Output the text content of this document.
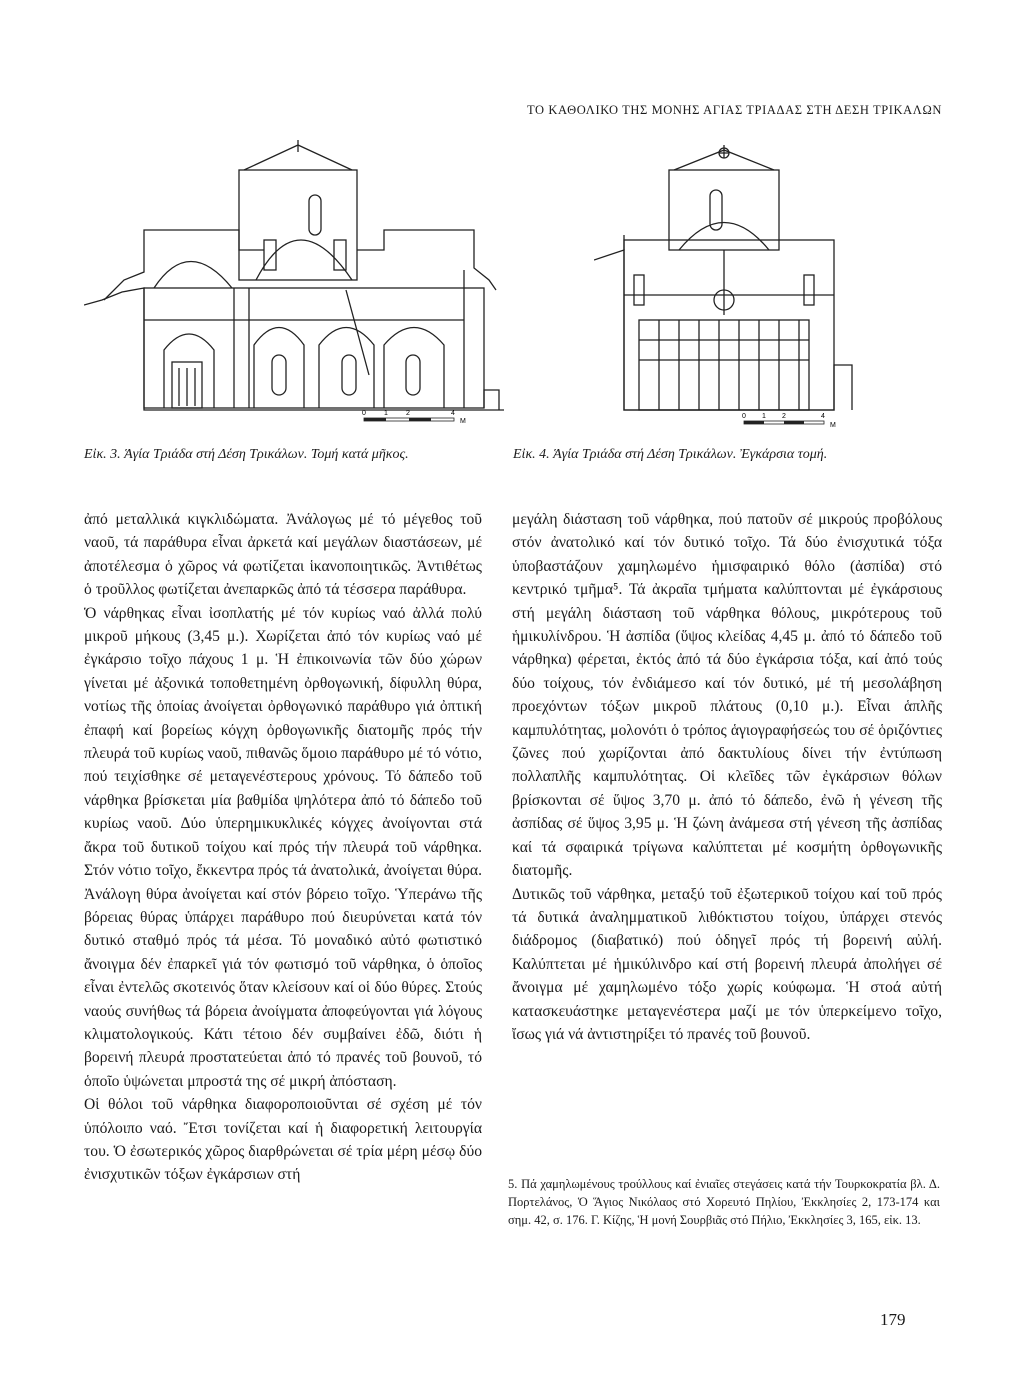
ΤΟ ΚΑΘΟΛΙΚΟ ΤΗΣ ΜΟΝΗΣ ΑΓΙΑΣ ΤΡΙΑΔΑΣ ΣΤΗ ΔΕΣΗ ΤΡΙΚΑΛΩΝ
0	1	2	4
M
Εἰκ. 3. Ἁγία Τριάδα στή Δέση Τρικάλων. Τομή κατά μῆκος.
0 1 2	4
M
Εἰκ. 4. Ἁγία Τριάδα στή Δέση Τρικάλων. Ἐγκάρσια τομή.

ἀπό μεταλλικά κιγκλιδώματα. Ἀνάλογως μέ τό μέγεθος τοῦ ναοῦ, τά παράθυρα εἶναι ἀρκετά καί μεγάλων διαστάσεων, μέ ἀποτέλεσμα ὁ χῶρος νά φωτίζεται ἱκανοποιητικῶς. Ἀντιθέτως ὁ τροῦλλος φωτίζεται ἀνεπαρκῶς ἀπό τά τέσσερα παράθυρα.

Ὁ νάρθηκας εἶναι ἰσοπλατής μέ τόν κυρίως ναό ἀλλά πολύ μικροῦ μήκους (3,45 μ.). Χωρίζεται ἀπό τόν κυρίως ναό μέ ἐγκάρσιο τοῖχο πάχους 1 μ. Ἡ ἐπικοινωνία τῶν δύο χώρων γίνεται μέ ἀξονικά τοποθετημένη ὀρθογωνική, δίφυλλη θύρα, νοτίως τῆς ὁποίας ἀνοίγεται ὀρθογωνικό παράθυρο γιά ὀπτική ἐπαφή καί βορείως κόγχη ὀρθογωνικῆς διατομῆς πρός τήν πλευρά τοῦ κυρίως ναοῦ, πιθανῶς ὅμοιο παράθυρο μέ τό νότιο, πού τειχίσθηκε σέ μεταγενέστερους χρόνους. Τό δάπεδο τοῦ νάρθηκα βρίσκεται μία βαθμίδα ψηλότερα ἀπό τό δάπεδο τοῦ κυρίως ναοῦ. Δύο ὑπερημικυκλικές κόγχες ἀνοίγονται στά ἄκρα τοῦ δυτικοῦ τοίχου καί πρός τήν πλευρά τοῦ νάρθηκα. Στόν νότιο τοῖχο, ἔκκεντρα πρός τά ἀνατολικά, ἀνοίγεται θύρα. Ἀνάλογη θύρα ἀνοίγεται καί στόν βόρειο τοῖχο. Ὑπεράνω τῆς βόρειας θύρας ὑπάρχει παράθυρο πού διευρύνεται κατά τόν δυτικό σταθμό πρός τά μέσα. Τό μοναδικό αὐτό φωτιστικό ἄνοιγμα δέν ἐπαρκεῖ γιά τόν φωτισμό τοῦ νάρθηκα, ὁ ὁποῖος εἶναι ἐντελῶς σκοτεινός ὅταν κλείσουν καί οἱ δύο θύρες. Στούς ναούς συνήθως τά βόρεια ἀνοίγματα ἀποφεύγονται γιά λόγους κλιματολογικούς. Κάτι τέτοιο δέν συμβαίνει ἐδῶ, διότι ἡ βορεινή πλευρά προστατεύεται ἀπό τό πρανές τοῦ βουνοῦ, τό ὁποῖο ὑψώνεται μπροστά της σέ μικρή ἀπόσταση.

Οἱ θόλοι τοῦ νάρθηκα διαφοροποιοῦνται σέ σχέση μέ τόν ὑπόλοιπο ναό. Ἔτσι τονίζεται καί ἡ διαφορετική λειτουργία του. Ὁ ἐσωτερικός χῶρος διαρθρώνεται σέ τρία μέρη μέσῳ δύο ἐνισχυτικῶν τόξων ἐγκάρσιων στή

μεγάλη διάσταση τοῦ νάρθηκα, πού πατοῦν σέ μικρούς προβόλους στόν ἀνατολικό καί τόν δυτικό τοῖχο. Τά δύο ἐνισχυτικά τόξα ὑποβαστάζουν χαμηλωμένο ἡμισφαιρικό θόλο (ἀσπίδα) στό κεντρικό τμῆμα⁵. Τά ἀκραῖα τμήματα καλύπτονται μέ ἐγκάρσιους στή μεγάλη διάσταση τοῦ νάρθηκα θόλους, μικρότερους τοῦ ἡμικυλίνδρου. Ἡ ἀσπίδα (ὕψος κλείδας 4,45 μ. ἀπό τό δάπεδο τοῦ νάρθηκα) φέρεται, ἐκτός ἀπό τά δύο ἐγκάρσια τόξα, καί ἀπό τούς δύο τοίχους, τόν ἐνδιάμεσο καί τόν δυτικό, μέ τή μεσολάβηση προεχόντων τόξων μικροῦ πλάτους (0,10 μ.). Εἶναι ἁπλῆς καμπυλότητας, μολονότι ὁ τρόπος ἁγιογραφήσεώς του σέ ὁριζόντιες ζῶνες πού χωρίζονται ἀπό δακτυλίους δίνει τήν ἐντύπωση πολλαπλῆς καμπυλότητας. Οἱ κλεῖδες τῶν ἐγκάρσιων θόλων βρίσκονται σέ ὕψος 3,70 μ. ἀπό τό δάπεδο, ἐνῶ ἡ γένεση τῆς ἀσπίδας σέ ὕψος 3,95 μ. Ἡ ζώνη ἀνάμεσα στή γένεση τῆς ἀσπίδας καί τά σφαιρικά τρίγωνα καλύπτεται μέ κοσμήτη ὀρθογωνικῆς διατομῆς.

Δυτικῶς τοῦ νάρθηκα, μεταξύ τοῦ ἐξωτερικοῦ τοίχου καί τοῦ πρός τά δυτικά ἀναλημματικοῦ λιθόκτιστου τοίχου, ὑπάρχει στενός διάδρομος (διαβατικό) πού ὁδηγεῖ πρός τή βορεινή αὐλή. Καλύπτεται μέ ἡμικύλινδρο καί στή βορεινή πλευρά ἀπολήγει σέ ἄνοιγμα μέ χαμηλωμένο τόξο χωρίς κούφωμα. Ἡ στοά αὐτή κατασκευάστηκε μεταγενέστερα μαζί με τόν ὑπερκείμενο τοῖχο, ἴσως γιά νά ἀντιστηρίξει τό πρανές τοῦ βουνοῦ.

5. Πά χαμηλωμένους τρούλλους καί ἐνιαῖες στεγάσεις κατά τήν Τουρκοκρατία βλ. Δ. Πορτελάνος, Ὁ Ἅγιος Νικόλαος στό Χορευτό Πηλίου, Ἐκκλησίες 2, 173-174 και σημ. 42, σ. 176. Γ. Κίζης, Ἡ μονή Σουρβιᾶς στό Πήλιο, Ἐκκλησίες 3, 165, εἰκ. 13.
179
